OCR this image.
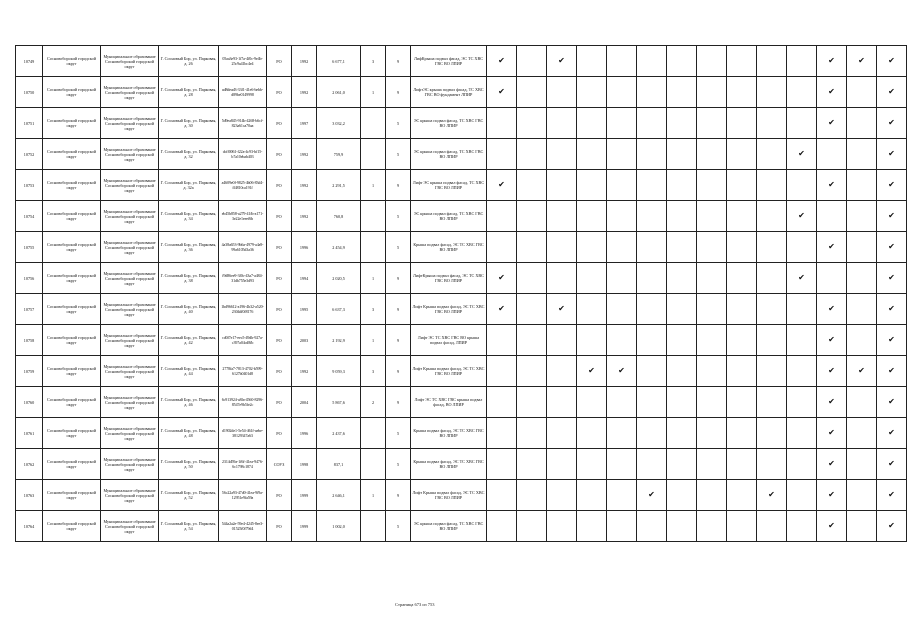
10749	Сосновоборский городской округ	Муниципальное образование Сосновоборский городской округ	Г. Сосновый Бор, ул. Парковая, д. 26	05aa3e93-1f7a-4f0c-9e4b-25c9a41bc4e4	РО	1992	6 677,1	3	9	ЛифКрыша подвал фасад, ЭС ТС ХВС ГВС ВО ЛПИР	✔		✔									✔	✔	✔
10750	Сосновоборский городской округ	Муниципальное образование Сосновоборский городской округ	Г. Сосновый Бор, ул. Парковая, д. 28	ad8dead3-33f1-41e6-bebb-d89be0149998	РО	1992	2 061,0	1	9	ЛифтЭС крыша подвал фасад, ТС ХВС ГВС ВО фундамент ЛПИР	✔											✔		✔
10751	Сосновоборский городской округ	Муниципальное образование Сосновоборский городской округ	Г. Сосновый Бор, ул. Парковая, д. 30	5d9ea845-914b-4268-b6cf-823a61ca70aa	РО	1997	3 032,2		5	ЭС крыша подвал фасад, ТС ХВС ГВС ВО ЛПИР												✔		✔
10752	Сосновоборский городской округ	Муниципальное образование Сосновоборский городской округ	Г. Сосновый Бор, ул. Парковая, д. 32	dcff0061-f22a-4c93-bf15-b7a10ebab403	РО	1992	759,9		5	ЭС крыша подвал фасад, ТС ХВС ГВС ВО ЛПИР											✔			✔
10753	Сосновоборский городской округ	Муниципальное образование Сосновоборский городской округ	Г. Сосновый Бор, ул. Парковая, д. 32а	a4609e0f-9825-4b06-83d4-ff4810ca191f	РО	1992	2 291,5	1	9	Лифт ЭС крыша подвал фасад, ТС ХВС ГВС ВО ЛПИР	✔											✔		✔
10754	Сосновоборский городской округ	Муниципальное образование Сосновоборский городской округ	Г. Сосновый Бор, ул. Парковая, д. 34	eb45b858-a279-41fb-a171-3e22e1eeef6b	РО	1992	760,8		5	ЭС крыша подвал фасад, ТС ХВС ГВС ВО ЛПИР											✔			✔
10755	Сосновоборский городской округ	Муниципальное образование Сосновоборский городской округ	Г. Сосновый Бор, ул. Парковая, д. 36	4a38a653-9b6a-4979-a4a9-99a6105d3a36	РО	1996	2 454,9		5	Крыша подвал фасад, ЭС ТС ХВС ГВС ВО ЛПИР												✔		✔
10756	Сосновоборский городской округ	Муниципальное образование Сосновоборский городской округ	Г. Сосновый Бор, ул. Парковая, д. 38	f9d86ee9-3f0c-43a7-a484-31db755e3d93	РО	1994	2 020,5	1	9	ЛифтКрыша подвал фасад, ЭС ТС ХВС ГВС ВО ЛПИР	✔										✔			✔
10757	Сосновоборский городской округ	Муниципальное образование Сосновоборский городской округ	Г. Сосновый Бор, ул. Парковая, д. 40	1bd96612-a196-4b32-a520-2304df0f8176	РО	1995	6 637,3	3	9	Лифт Крыша подвал фасад, ЭС ТС ХВС ГВС ВО ЛПИР	✔		✔									✔		✔
10758	Сосновоборский городской округ	Муниципальное образование Сосновоборский городской округ	Г. Сосновый Бор, ул. Парковая, д. 42	cd0f7e17-eec5-49db-927a-c397a04cd8fb	РО	2003	2 192,9	1	9	Лифт ЭС ТС ХВС ГВС ВО крыша подвал фасад, ЛПИР												✔		✔
10759	Сосновоборский городской округ	Муниципальное образование Сосновоборский городской округ	Г. Сосновый Бор, ул. Парковая, д. 44	2778fa7-7813-4702-b599-6127b0401d8	РО	1992	9 059,3	3	9	Лифт Крыша подвал фасад, ЭС ТС ХВС ГВС ВО ЛПИР				✔	✔							✔	✔	✔
10760	Сосновоборский городской округ	Муниципальное образование Сосновоборский городской округ	Г. Сосновый Бор, ул. Парковая, д. 46	6c913924-a8fa-4560-8296-8547e9b5fe2c	РО	2004	5 867,6	2	9	Лифт ЭС ТС ХВС ГВС крыша подвал фасад, ВО ЛПИР												✔		✔
10761	Сосновоборский городской округ	Муниципальное образование Сосновоборский городской округ	Г. Сосновый Бор, ул. Парковая, д. 48	d1902de1-5e54-461f-aebe-38129347a63	РО	1996	2 437,6		5	Крыша подвал фасад, ЭС ТС ХВС ГВС ВО ЛПИР												✔		✔
10762	Сосновоборский городской округ	Муниципальное образование Сосновоборский городской округ	Г. Сосновый Бор, ул. Парковая, д. 50	2314d59a-1f6f-41ea-9476-6c1798c1874	СОУЗ	1998	837,1		5	Крыша подвал фасад, ЭС ТС ХВС ГВС ВО ЛПИР												✔		✔
10763	Сосновоборский городской округ	Муниципальное образование Сосновоборский городской округ	Г. Сосновый Бор, ул. Парковая, д. 52	56c22a93-47d0-41ea-9f9a-12951e9fa59a	РО	1999	2 646,1	1	9	Лифт Крыша подвал фасад, ЭС ТС ХВС ГВС ВО ЛПИР						✔				✔		✔		✔
10764	Сосновоборский городской округ	Муниципальное образование Сосновоборский городской округ	Г. Сосновый Бор, ул. Парковая, д. 54	544a2a2e-59e4-4245-8ee3-01525f0f79d4	РО	1999	1 002,0		5	ЭС крыша подвал фасад, ТС ХВС ГВС ВО ЛПИР												✔		✔
Страница 673 из 753
